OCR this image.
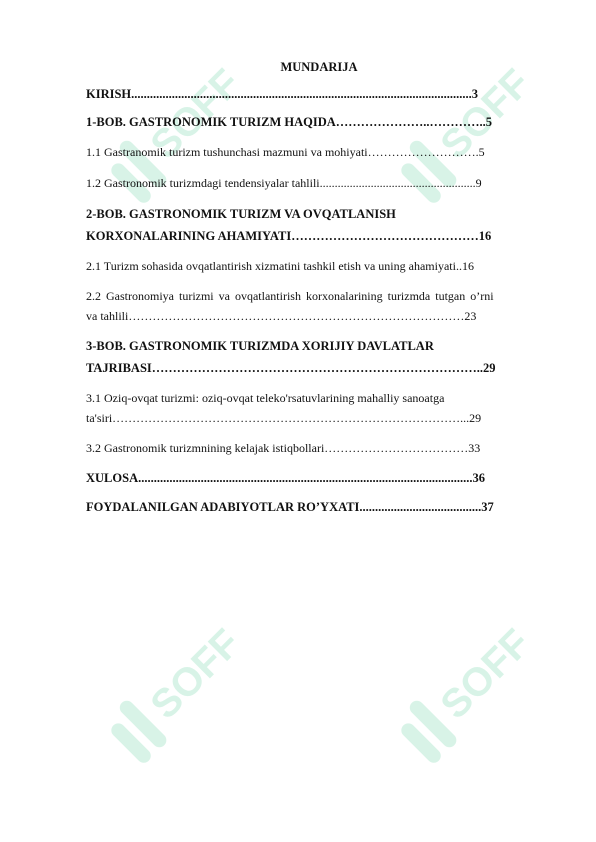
SOFF	SOFF
SOFF	SOFF

MUNDARIJA

KIRISH.............................................................................................................3

1-BOB. GASTRONOMIK TURIZM HAQIDA…………………..…………..5

1.1 Gastranomik turizm tushunchasi mazmuni va mohiyati……………………….5

1.2 Gastronomik turizmdagi tendensiyalar tahlili....................................................9

2-BOB. GASTRONOMIK TURIZM VA OVQATLANISH
KORXONALARINING AHAMIYATI………………………………………16

2.1 Turizm sohasida ovqatlantirish xizmatini tashkil etish va uning ahamiyati..16

2.2 Gastronomiya turizmi va ovqatlantirish korxonalarining turizmda tutgan o’rni
va tahlili…………………………………………………………………………23
3-BOB. GASTRONOMIK TURIZMDA XORIJIY DAVLATLAR
TAJRIBASI……………………………………………………………………..29
3.1 Oziq-ovqat turizmi: oziq-ovqat teleko'rsatuvlarining mahalliy sanoatga
ta'siri……………………………………………………………………………...29

3.2 Gastronomik turizmnining kelajak istiqbollari………………………………33

XULOSA...........................................................................................................36

FOYDALANILGAN ADABIYOTLAR RO’YXATI.......................................37
